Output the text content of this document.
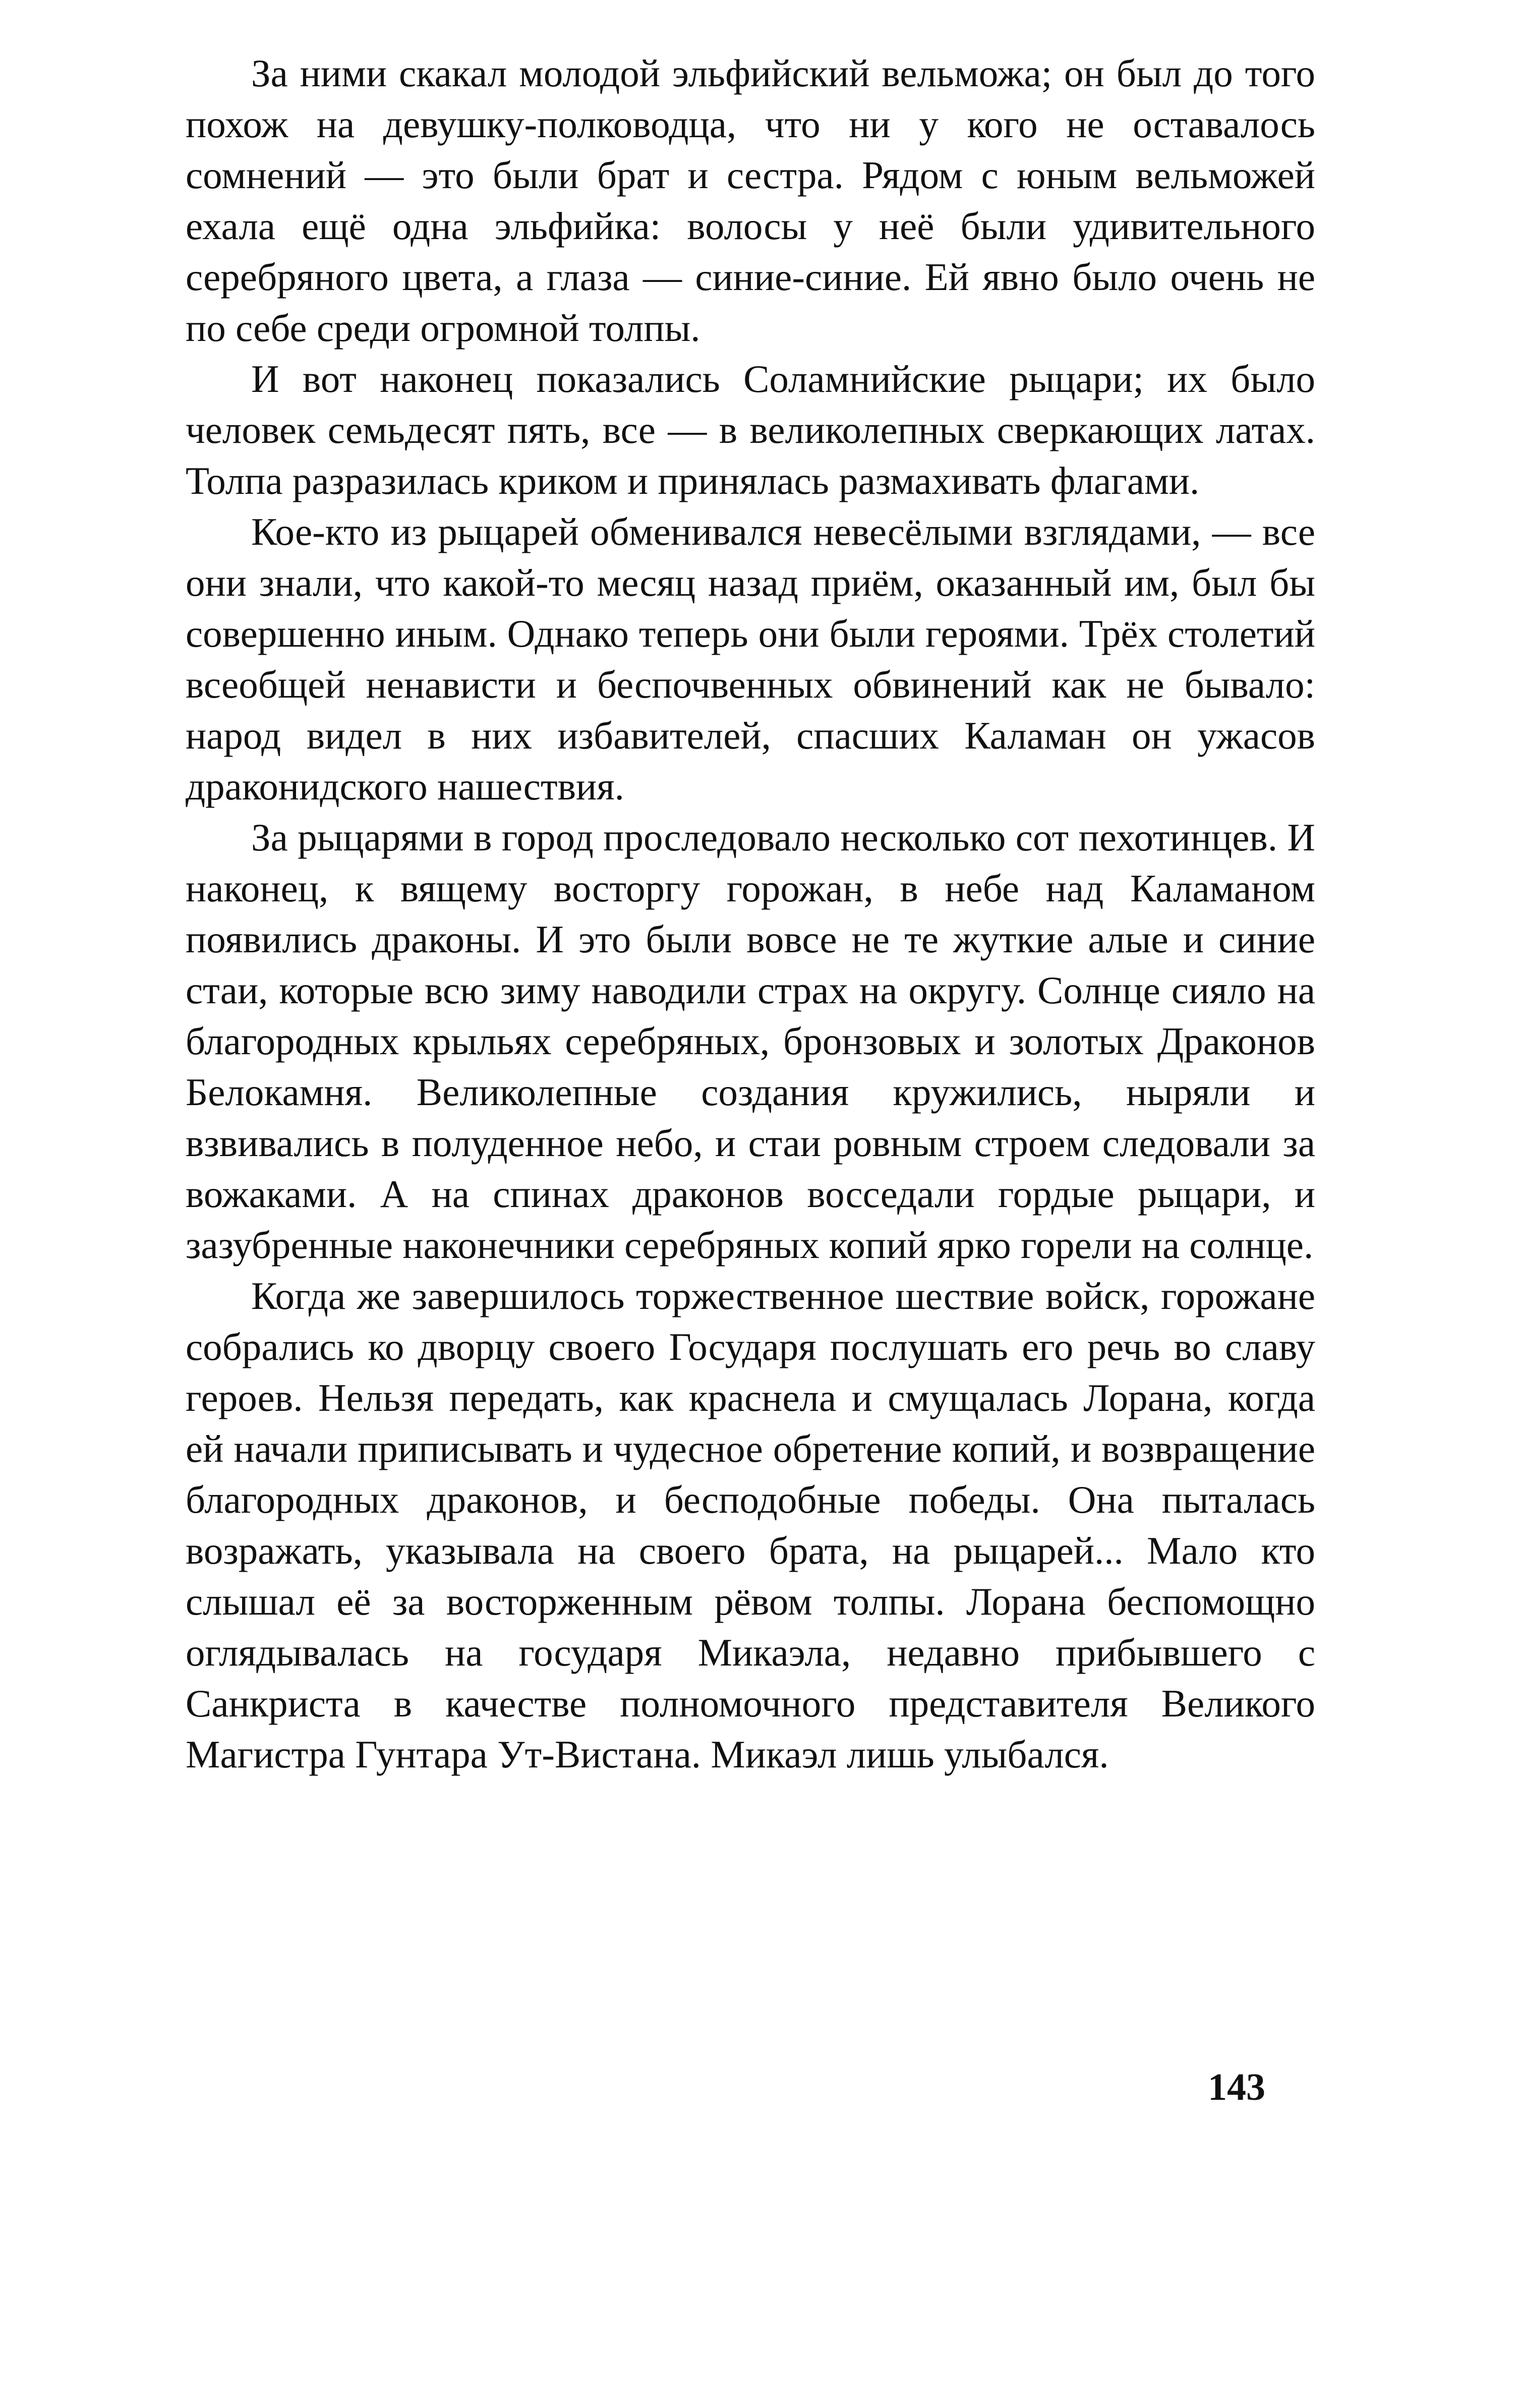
За ними скакал молодой эльфийский вельможа; он был до того похож на девушку-полководца, что ни у кого не оставалось сомнений — это были брат и сестра. Рядом с юным вельможей ехала ещё одна эльфийка: волосы у неё были удивительного серебряного цвета, а глаза — синие-синие. Ей явно было очень не по себе среди огромной толпы.

И вот наконец показались Соламнийские рыцари; их было человек семьдесят пять, все — в великолепных сверкающих латах. Толпа разразилась криком и принялась размахивать флагами.

Кое-кто из рыцарей обменивался невесёлыми взглядами, — все они знали, что какой-то месяц назад приём, оказанный им, был бы совершенно иным. Однако теперь они были героями. Трёх столетий всеобщей ненависти и беспочвенных обвинений как не бывало: народ видел в них избавителей, спасших Каламан он ужасов драконидского нашествия.

За рыцарями в город проследовало несколько сот пехотинцев. И наконец, к вящему восторгу горожан, в небе над Каламаном появились драконы. И это были вовсе не те жуткие алые и синие стаи, которые всю зиму наводили страх на округу. Солнце сияло на благородных крыльях серебряных, бронзовых и золотых Драконов Белокамня. Великолепные создания кружились, ныряли и взвивались в полуденное небо, и стаи ровным строем следовали за вожаками. А на спинах драконов восседали гордые рыцари, и зазубренные наконечники серебряных копий ярко горели на солнце.

Когда же завершилось торжественное шествие войск, горожане собрались ко дворцу своего Государя послушать его речь во славу героев. Нельзя передать, как краснела и смущалась Лорана, когда ей начали приписывать и чудесное обретение копий, и возвращение благородных драконов, и бесподобные победы. Она пыталась возражать, указывала на своего брата, на рыцарей... Мало кто слышал её за восторженным рёвом толпы. Лорана беспомощно оглядывалась на государя Микаэла, недавно прибывшего с Санкриста в качестве полномочного представителя Великого Магистра Гунтара Ут-Вистана. Микаэл лишь улыбался.

143
